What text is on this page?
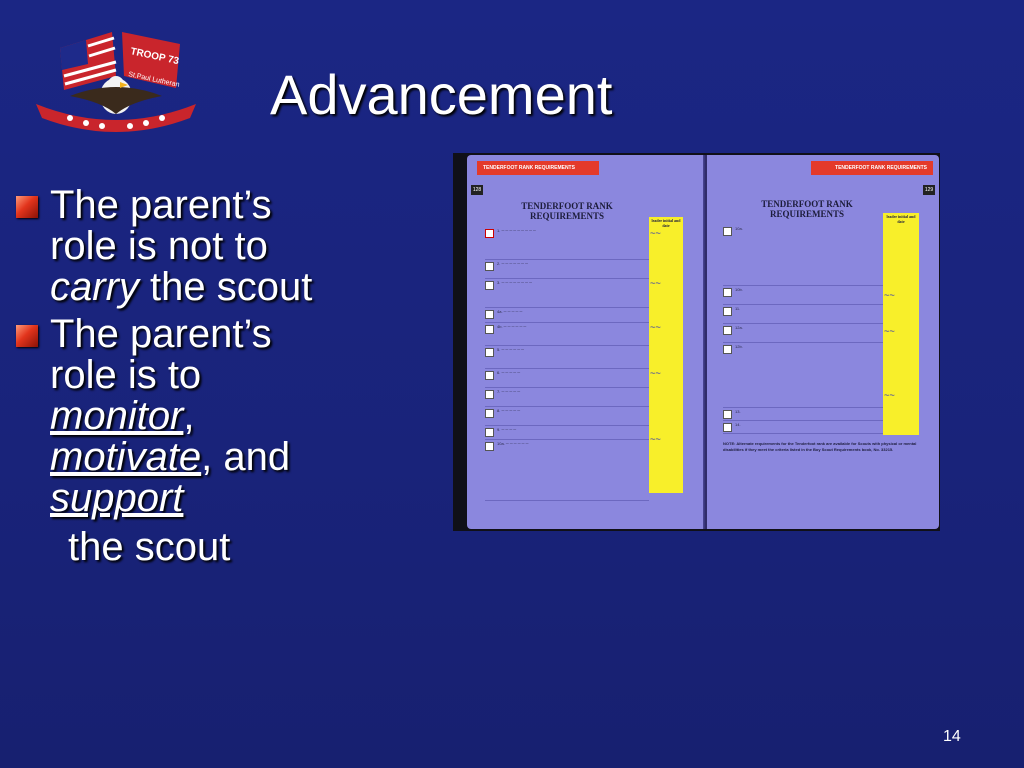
TROOP 73
St.Paul Lutheran Advancement
The parent’s
role is not to
carry the scout
The parent’s
role is to
monitor,
motivate, and
support
the scout
TENDERFOOT RANK REQUIREMENTS
128
TENDERFOOT RANK REQUIREMENTS	leader initial and date
1. ─ ─ ─ ─ ─ ─ ─ ─ ─
2. ─ ─ ─ ─ ─ ─ ─
3. ─ ─ ─ ─ ─ ─ ─ ─
4a. ─ ─ ─ ─ ─
4b. ─ ─ ─ ─ ─ ─
5. ─ ─ ─ ─ ─ ─
6. ─ ─ ─ ─ ─
7. ─ ─ ─ ─ ─
8. ─ ─ ─ ─ ─
9. ─ ─ ─ ─
10a. ─ ─ ─ ─ ─ ─
~~
~~
~~
~~
~~
TENDERFOOT RANK REQUIREMENTS
129
TENDERFOOT RANK REQUIREMENTS	leader initial and date
10a.
10b.
11.
12a.
12b.
13.
14.
~~
~~
~~
NOTE: Alternate requirements for the Tenderfoot rank are available for Scouts with physical or mental disabilities if they meet the criteria listed in the Boy Scout Requirements book, No. 33215.
14
